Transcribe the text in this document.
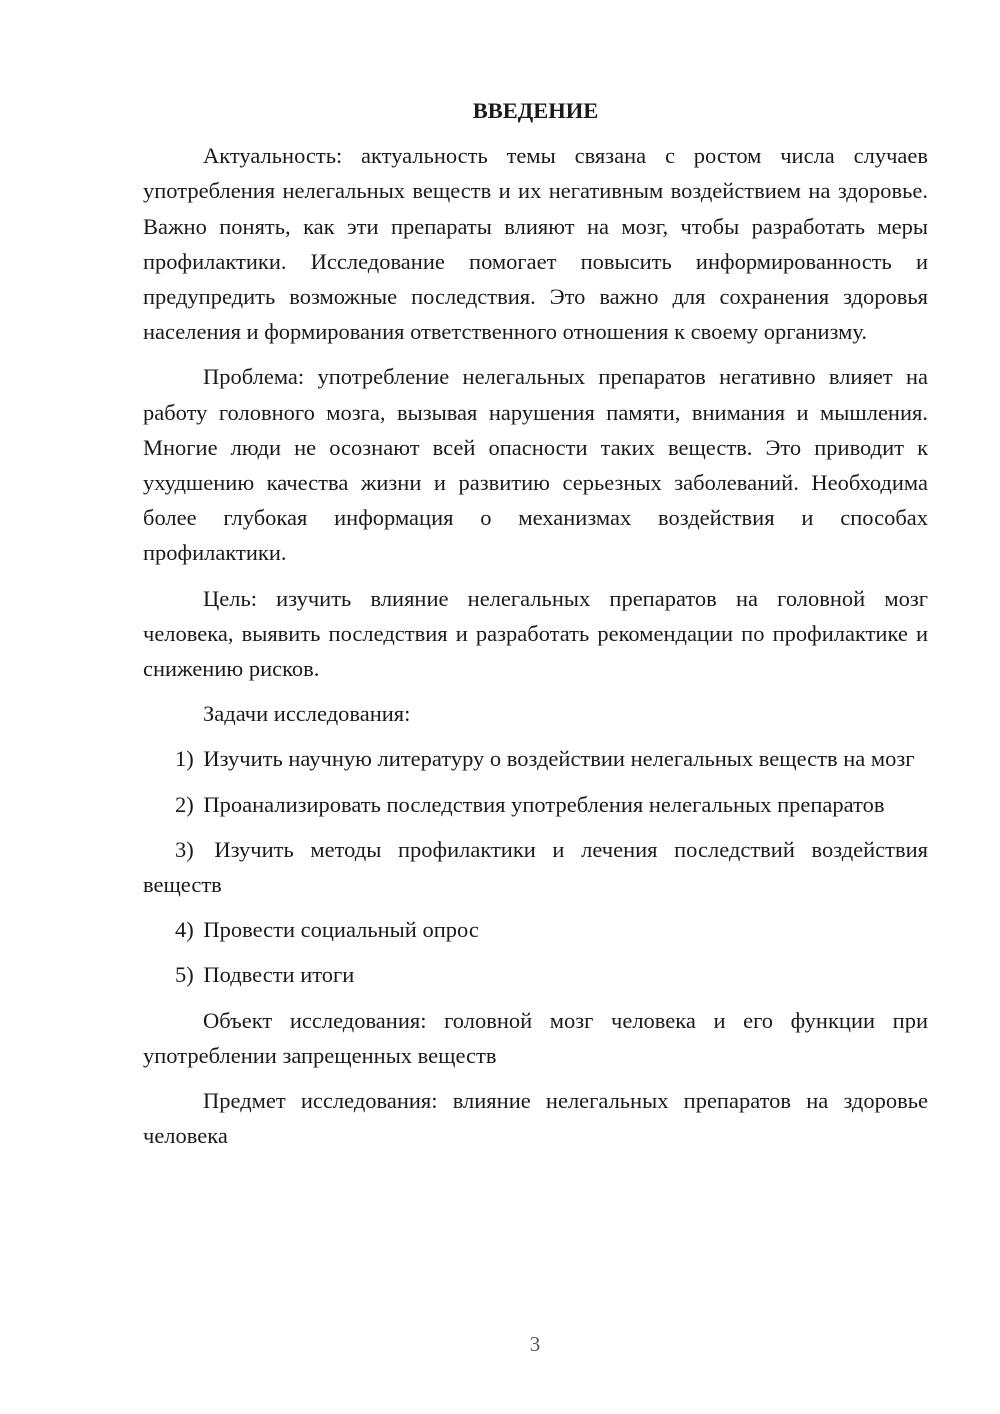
ВВЕДЕНИЕ

Актуальность: актуальность темы связана с ростом числа случаев употребления нелегальных веществ и их негативным воздействием на здоровье. Важно понять, как эти препараты влияют на мозг, чтобы разработать меры профилактики. Исследование помогает повысить информированность и предупредить возможные последствия. Это важно для сохранения здоровья населения и формирования ответственного отношения к своему организму.

Проблема: употребление нелегальных препаратов негативно влияет на работу головного мозга, вызывая нарушения памяти, внимания и мышления. Многие люди не осознают всей опасности таких веществ. Это приводит к ухудшению качества жизни и развитию серьезных заболеваний. Необходима более глубокая информация о механизмах воздействия и способах профилактики.

Цель: изучить влияние нелегальных препаратов на головной мозг человека, выявить последствия и разработать рекомендации по профилактике и снижению рисков.

Задачи исследования:

1) Изучить научную литературу о воздействии нелегальных веществ на мозг

2) Проанализировать последствия употребления нелегальных препаратов

3) Изучить методы профилактики и лечения последствий воздействия веществ

4) Провести социальный опрос

5) Подвести итоги

Объект исследования: головной мозг человека и его функции при употреблении запрещенных веществ

Предмет исследования: влияние нелегальных препаратов на здоровье человека

3
